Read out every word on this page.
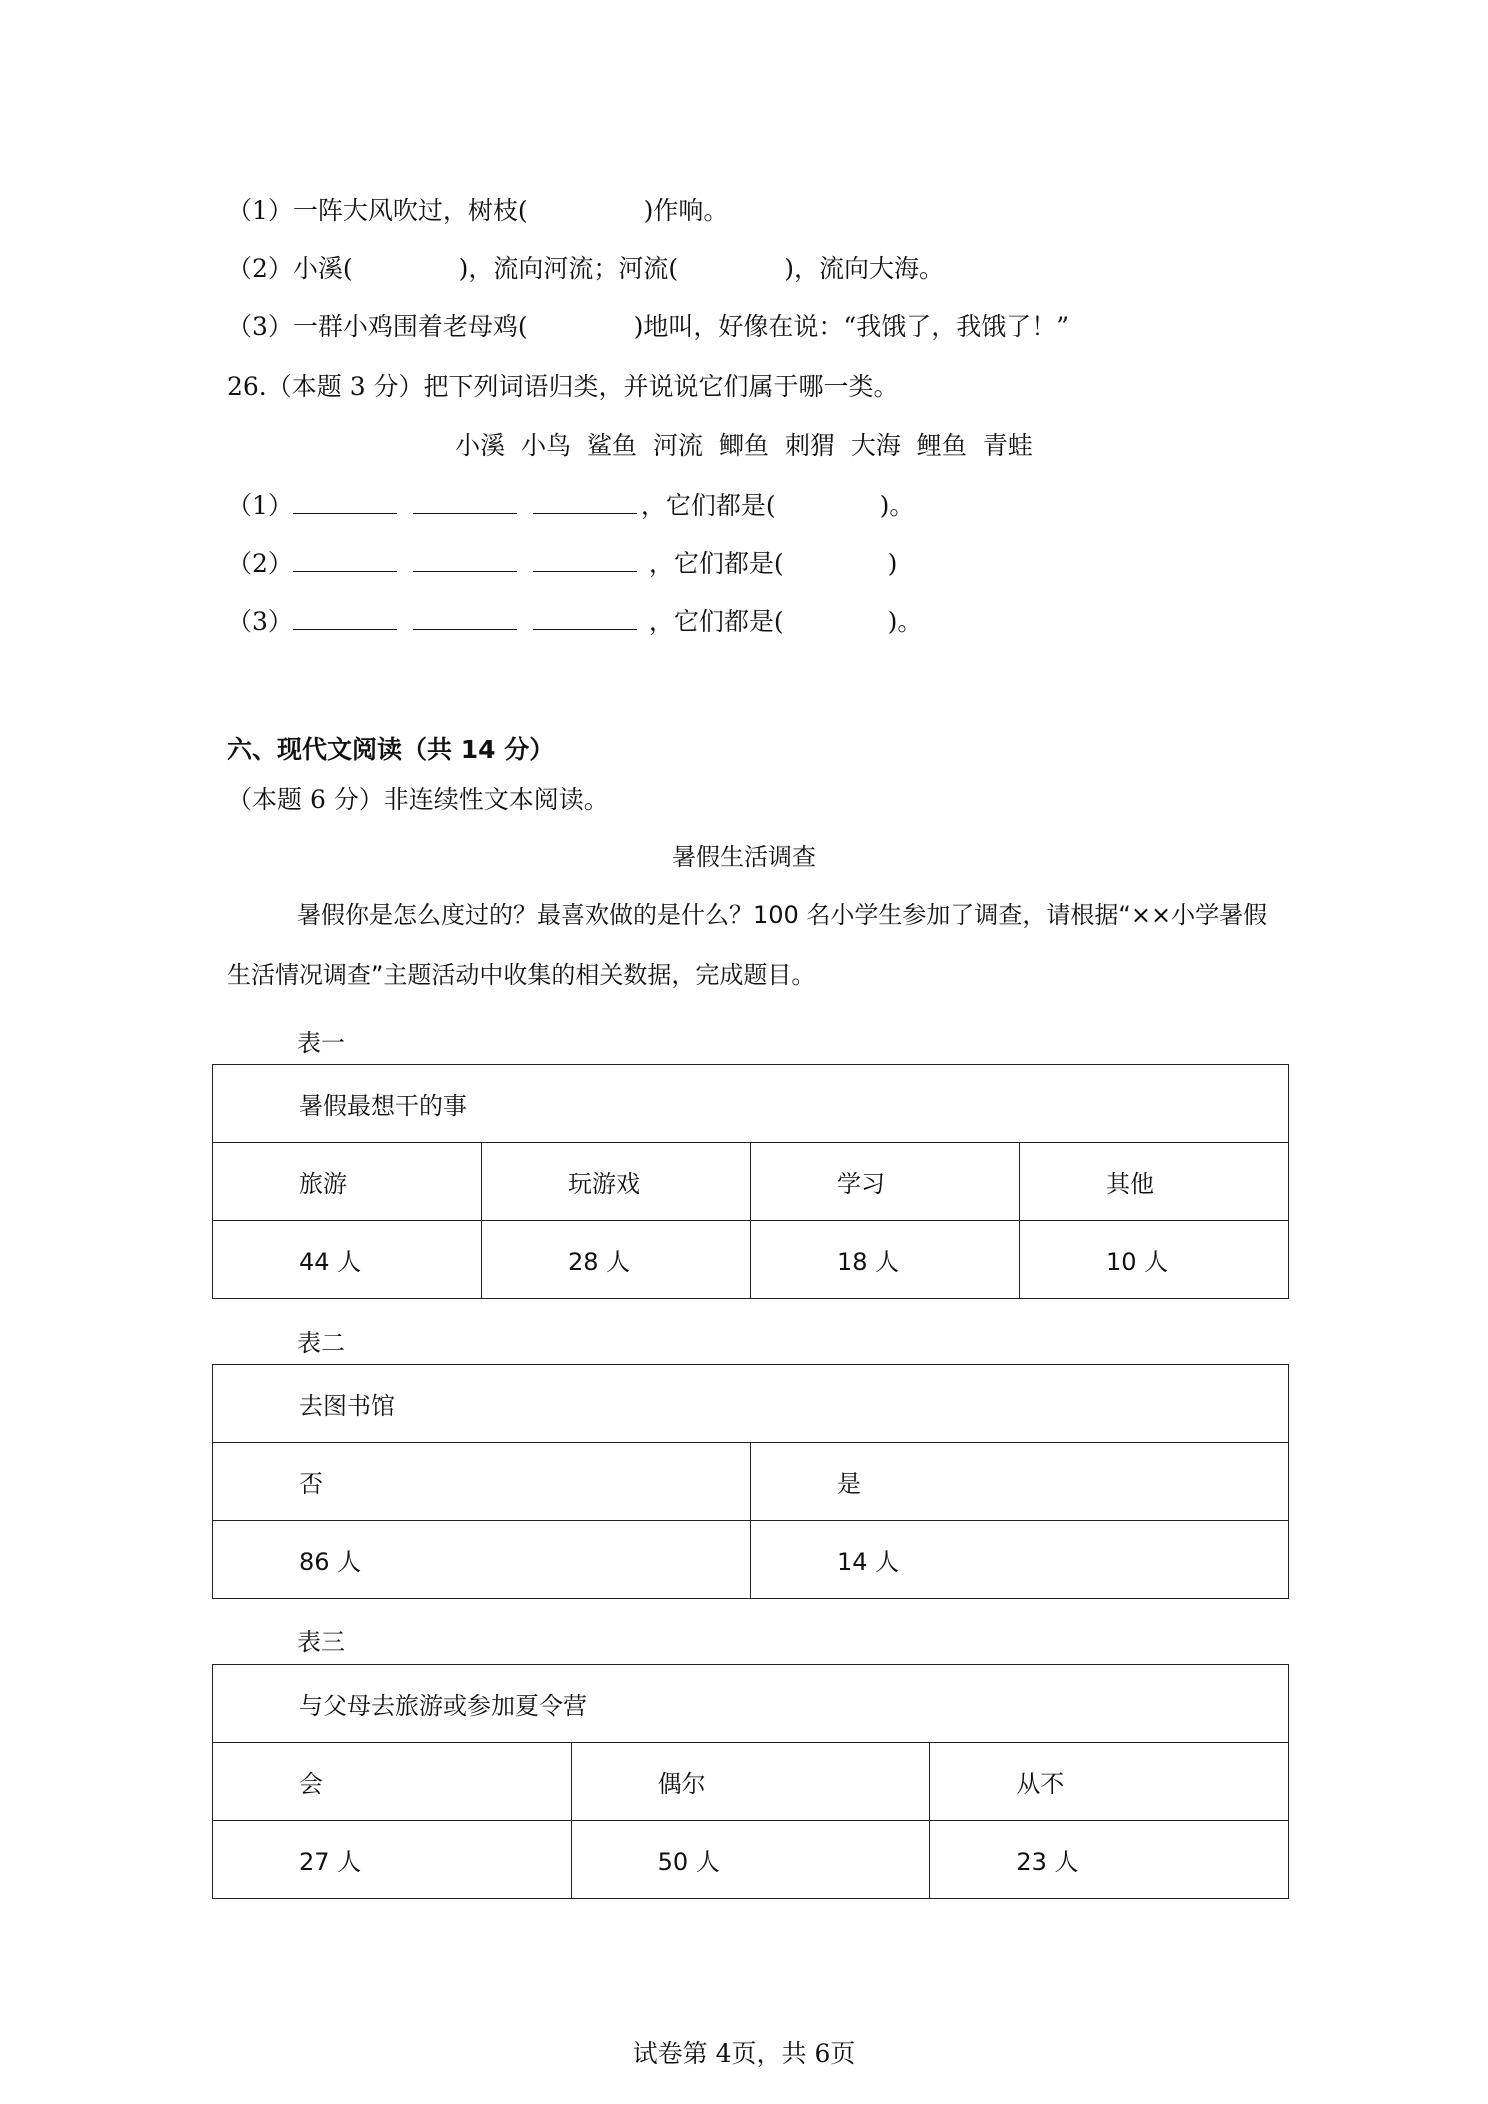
（1）一阵大风吹过，树枝(	)作响。
（2）小溪(	)，流向河流；河流(	)，流向大海。
（3）一群小鸡围着老母鸡(	)地叫，好像在说：“我饿了，我饿了！”
26.（本题 3 分）把下列词语归类，并说说它们属于哪一类。
小溪 小鸟 鲨鱼 河流 鲫鱼 刺猬 大海 鲤鱼 青蛙
（1）	，它们都是(	)。
（2）	，它们都是(	)
（3）	，它们都是(	)。
六、现代文阅读（共 14 分）
（本题 6 分）非连续性文本阅读。
暑假生活调查
暑假你是怎么度过的？最喜欢做的是什么？100 名小学生参加了调查，请根据“××小学暑假生活情况调查”主题活动中收集的相关数据，完成题目。
表一
暑假最想干的事			
旅游	玩游戏	学习	其他
44 人	28 人	18 人	10 人
表二
去图书馆	
否	是
86 人	14 人
表三
与父母去旅游或参加夏令营		
会	偶尔	从不
27 人	50 人	23 人
试卷第 4页，共 6页
